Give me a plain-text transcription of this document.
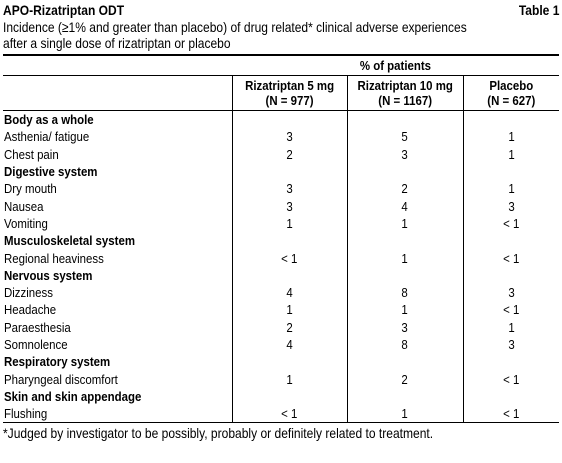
APO-Rizatriptan ODT	Table 1
Incidence (≥1% and greater than placebo) of drug related* clinical adverse experiences
after a single dose of rizatriptan or placebo
	% of patients		
	Rizatriptan 5 mg
(N = 977)	Rizatriptan 10 mg
(N = 1167)	Placebo
(N = 627)
Body as a whole			
Asthenia/ fatigue	3	5	1
Chest pain	2	3	1
Digestive system			
Dry mouth	3	2	1
Nausea	3	4	3
Vomiting	1	1	< 1
Musculoskeletal system			
Regional heaviness	< 1	1	< 1
Nervous system			
Dizziness	4	8	3
Headache	1	1	< 1
Paraesthesia	2	3	1
Somnolence	4	8	3
Respiratory system			
Pharyngeal discomfort	1	2	< 1
Skin and skin appendage			
Flushing	< 1	1	< 1
*Judged by investigator to be possibly, probably or definitely related to treatment.
